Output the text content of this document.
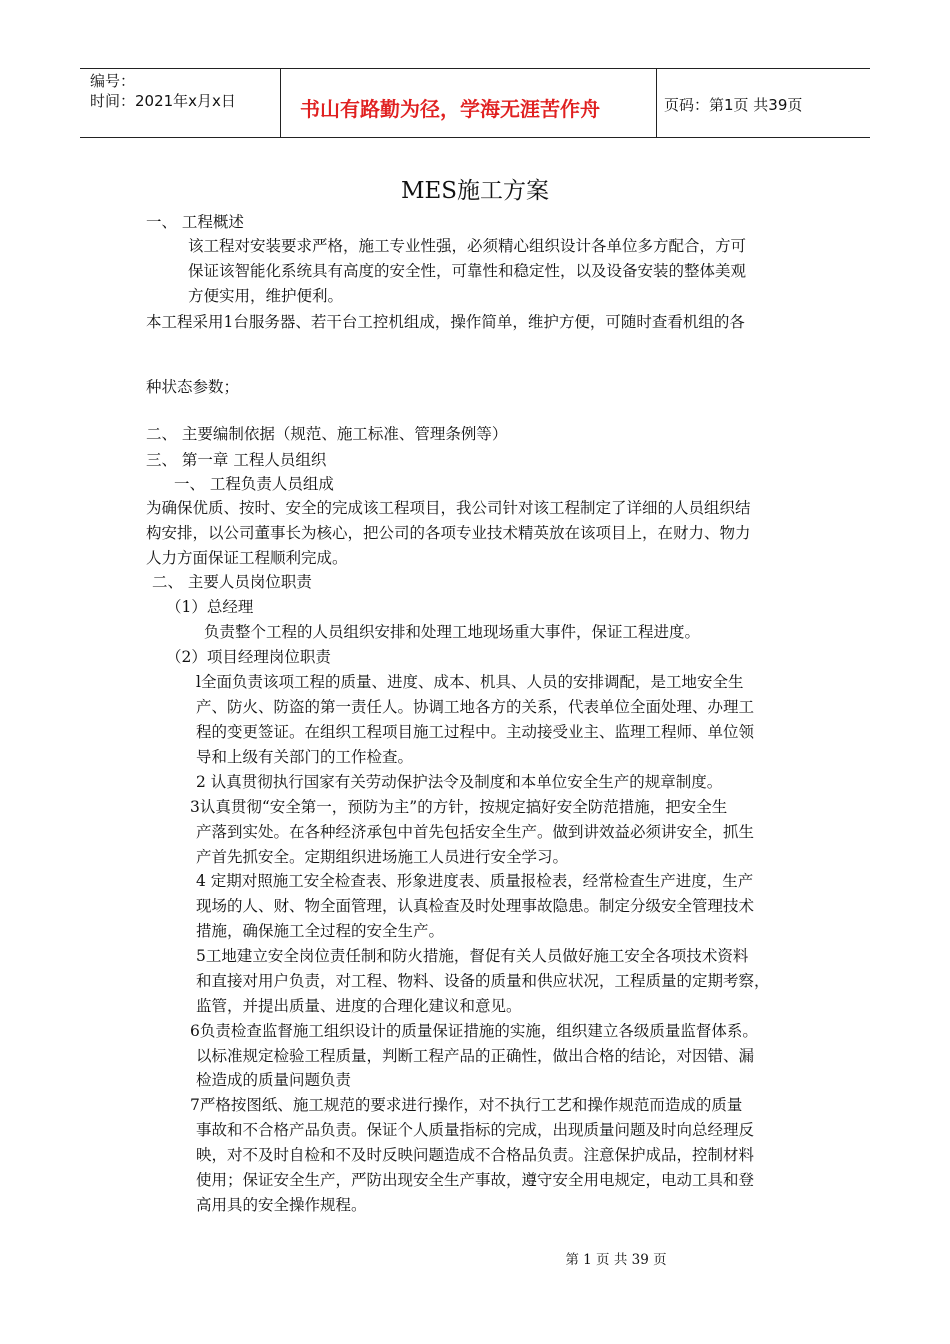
编号：
时间：2021年x月x日	书山有路勤为径，学海无涯苦作舟	页码：第1页 共39页
MES施工方案
一、 工程概述
该工程对安装要求严格，施工专业性强，必须精心组织设计各单位多方配合，方可
保证该智能化系统具有高度的安全性，可靠性和稳定性，以及设备安装的整体美观
方便实用，维护便利。
本工程采用1台服务器、若干台工控机组成，操作简单，维护方便，可随时查看机组的各
种状态参数；
二、 主要编制依据（规范、施工标准、管理条例等）
三、 第一章 工程人员组织
一、 工程负责人员组成
为确保优质、按时、安全的完成该工程项目，我公司针对该工程制定了详细的人员组织结
构安排，以公司董事长为核心，把公司的各项专业技术精英放在该项目上，在财力、物力
人力方面保证工程顺利完成。
二、 主要人员岗位职责
（1）总经理
负责整个工程的人员组织安排和处理工地现场重大事件，保证工程进度。
（2）项目经理岗位职责
l全面负责该项工程的质量、进度、成本、机具、人员的安排调配，是工地安全生
产、防火、防盗的第一责任人。协调工地各方的关系，代表单位全面处理、办理工
程的变更签证。在组织工程项目施工过程中。主动接受业主、监理工程师、单位领
导和上级有关部门的工作检查。
2 认真贯彻执行国家有关劳动保护法令及制度和本单位安全生产的规章制度。
3认真贯彻“安全第一，预防为主”的方针，按规定搞好安全防范措施，把安全生
产落到实处。在各种经济承包中首先包括安全生产。做到讲效益必须讲安全，抓生
产首先抓安全。定期组织进场施工人员进行安全学习。
4 定期对照施工安全检查表、形象进度表、质量报检表，经常检查生产进度，生产
现场的人、财、物全面管理，认真检查及时处理事故隐患。制定分级安全管理技术
措施，确保施工全过程的安全生产。
5工地建立安全岗位责任制和防火措施，督促有关人员做好施工安全各项技术资料
和直接对用户负责，对工程、物料、设备的质量和供应状况，工程质量的定期考察，
监管，并提出质量、进度的合理化建议和意见。
6负责检查监督施工组织设计的质量保证措施的实施，组织建立各级质量监督体系。
以标准规定检验工程质量，判断工程产品的正确性，做出合格的结论，对因错、漏
检造成的质量问题负责
7严格按图纸、施工规范的要求进行操作，对不执行工艺和操作规范而造成的质量
事故和不合格产品负责。保证个人质量指标的完成，出现质量问题及时向总经理反
映，对不及时自检和不及时反映问题造成不合格品负责。注意保护成品，控制材料
使用；保证安全生产，严防出现安全生产事故，遵守安全用电规定，电动工具和登
高用具的安全操作规程。
第 1 页 共 39 页
